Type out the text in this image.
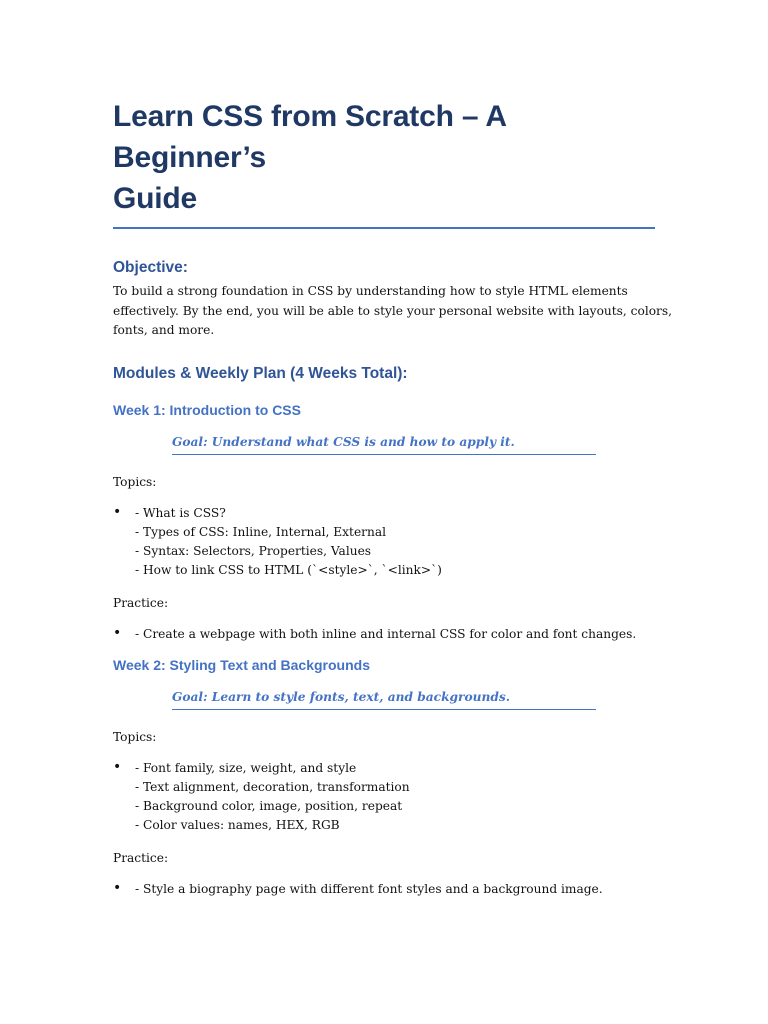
Learn CSS from Scratch – A Beginner’s
Guide
Objective:
To build a strong foundation in CSS by understanding how to style HTML elements
effectively. By the end, you will be able to style your personal website with layouts, colors,
fonts, and more.
Modules & Weekly Plan (4 Weeks Total):
Week 1: Introduction to CSS
Goal: Understand what CSS is and how to apply it.
Topics:
• - What is CSS?
- Types of CSS: Inline, Internal, External
- Syntax: Selectors, Properties, Values
- How to link CSS to HTML (`<style>`, `<link>`)
Practice:
• - Create a webpage with both inline and internal CSS for color and font changes.
Week 2: Styling Text and Backgrounds
Goal: Learn to style fonts, text, and backgrounds.
Topics:
• - Font family, size, weight, and style
- Text alignment, decoration, transformation
- Background color, image, position, repeat
- Color values: names, HEX, RGB
Practice:
• - Style a biography page with different font styles and a background image.
